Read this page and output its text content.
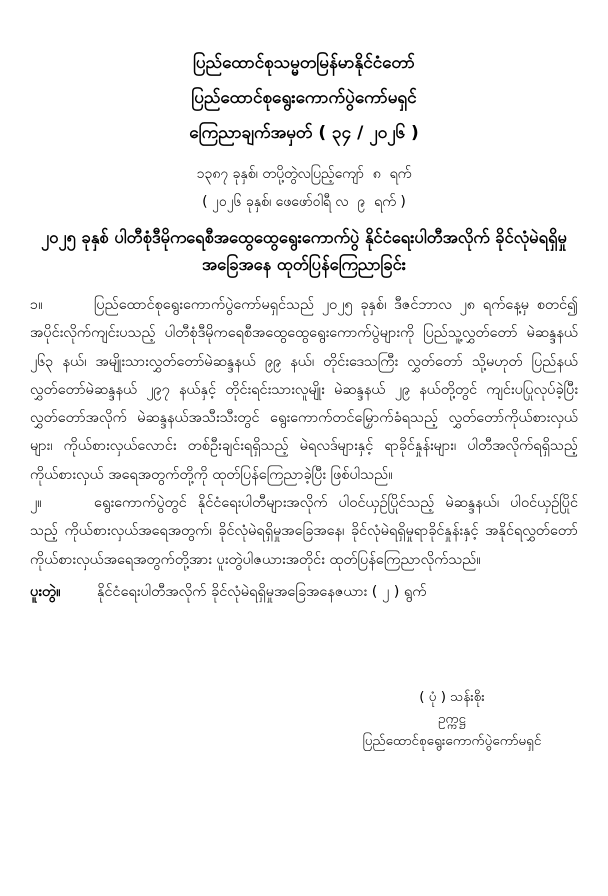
ပြည်ထောင်စုသမ္မတမြန်မာနိုင်ငံတော်
ပြည်ထောင်စုရွေးကောက်ပွဲကော်မရှင်
ကြေညာချက်အမှတ် ( ၃၄ / ၂၀၂၆ )
၁၃၈၇ ခုနှစ်၊ တပို့တွဲလပြည့်ကျော်  ၈  ရက်
( ၂၀၂၆ ခုနှစ်၊ ဖေဖော်ဝါရီ လ  ၉  ရက် )
၂၀၂၅ ခုနှစ် ပါတီစုံဒီမိုကရေစီအထွေထွေရွေးကောက်ပွဲ နိုင်ငံရေးပါတီအလိုက် ခိုင်လုံမဲရရှိမှု
အခြေအနေ ထုတ်ပြန်ကြေညာခြင်း
၁။	ပြည်ထောင်စုရွေးကောက်ပွဲကော်မရှင်သည် ၂၀၂၅ ခုနှစ်၊ ဒီဇင်ဘာလ ၂၈ ရက်နေ့မှ စတင်၍ အပိုင်းလိုက်ကျင်းပသည့် ပါတီစုံဒီမိုကရေစီအထွေထွေရွေးကောက်ပွဲများကို ပြည်သူ့လွှတ်တော် မဲဆန္ဒနယ် ၂၆၃ နယ်၊ အမျိုးသားလွှတ်တော်မဲဆန္ဒနယ် ၉၉ နယ်၊ တိုင်းဒေသကြီး လွှတ်တော် သို့မဟုတ် ပြည်နယ်လွှတ်တော်မဲဆန္ဒနယ် ၂၉၇ နယ်နှင့် တိုင်းရင်းသားလူမျိုး မဲဆန္ဒနယ် ၂၉ နယ်တို့တွင် ကျင်းပပြုလုပ်ခဲ့ပြီး လွှတ်တော်အလိုက် မဲဆန္ဒနယ်အသီးသီးတွင် ရွေးကောက်တင်မြှောက်ခံရသည့် လွှတ်တော်ကိုယ်စားလှယ်များ၊ ကိုယ်စားလှယ်လောင်း တစ်ဦးချင်းရရှိသည့် မဲရလဒ်များနှင့် ရာခိုင်နှုန်းများ၊ ပါတီအလိုက်ရရှိသည့် ကိုယ်စားလှယ် အရေအတွက်တို့ကို ထုတ်ပြန်ကြေညာခဲ့ပြီး ဖြစ်ပါသည်။
၂။	ရွေးကောက်ပွဲတွင် နိုင်ငံရေးပါတီများအလိုက် ပါဝင်ယှဉ်ပြိုင်သည့် မဲဆန္ဒနယ်၊ ပါဝင်ယှဉ်ပြိုင်သည့် ကိုယ်စားလှယ်အရေအတွက်၊ ခိုင်လုံမဲရရှိမှုအခြေအနေ၊ ခိုင်လုံမဲရရှိမှုရာခိုင်နှုန်းနှင့် အနိုင်ရလွှတ်တော်ကိုယ်စားလှယ်အရေအတွက်တို့အား ပူးတွဲပါဇယားအတိုင်း ထုတ်ပြန်ကြေညာလိုက်သည်။
ပူးတွဲ။	နိုင်ငံရေးပါတီအလိုက် ခိုင်လုံမဲရရှိမှုအခြေအနေဇယား ( ၂ ) ရွက်
( ပုံ ) သန်းစိုး
ဥက္ကဋ္ဌ
ပြည်ထောင်စုရွေးကောက်ပွဲကော်မရှင်
